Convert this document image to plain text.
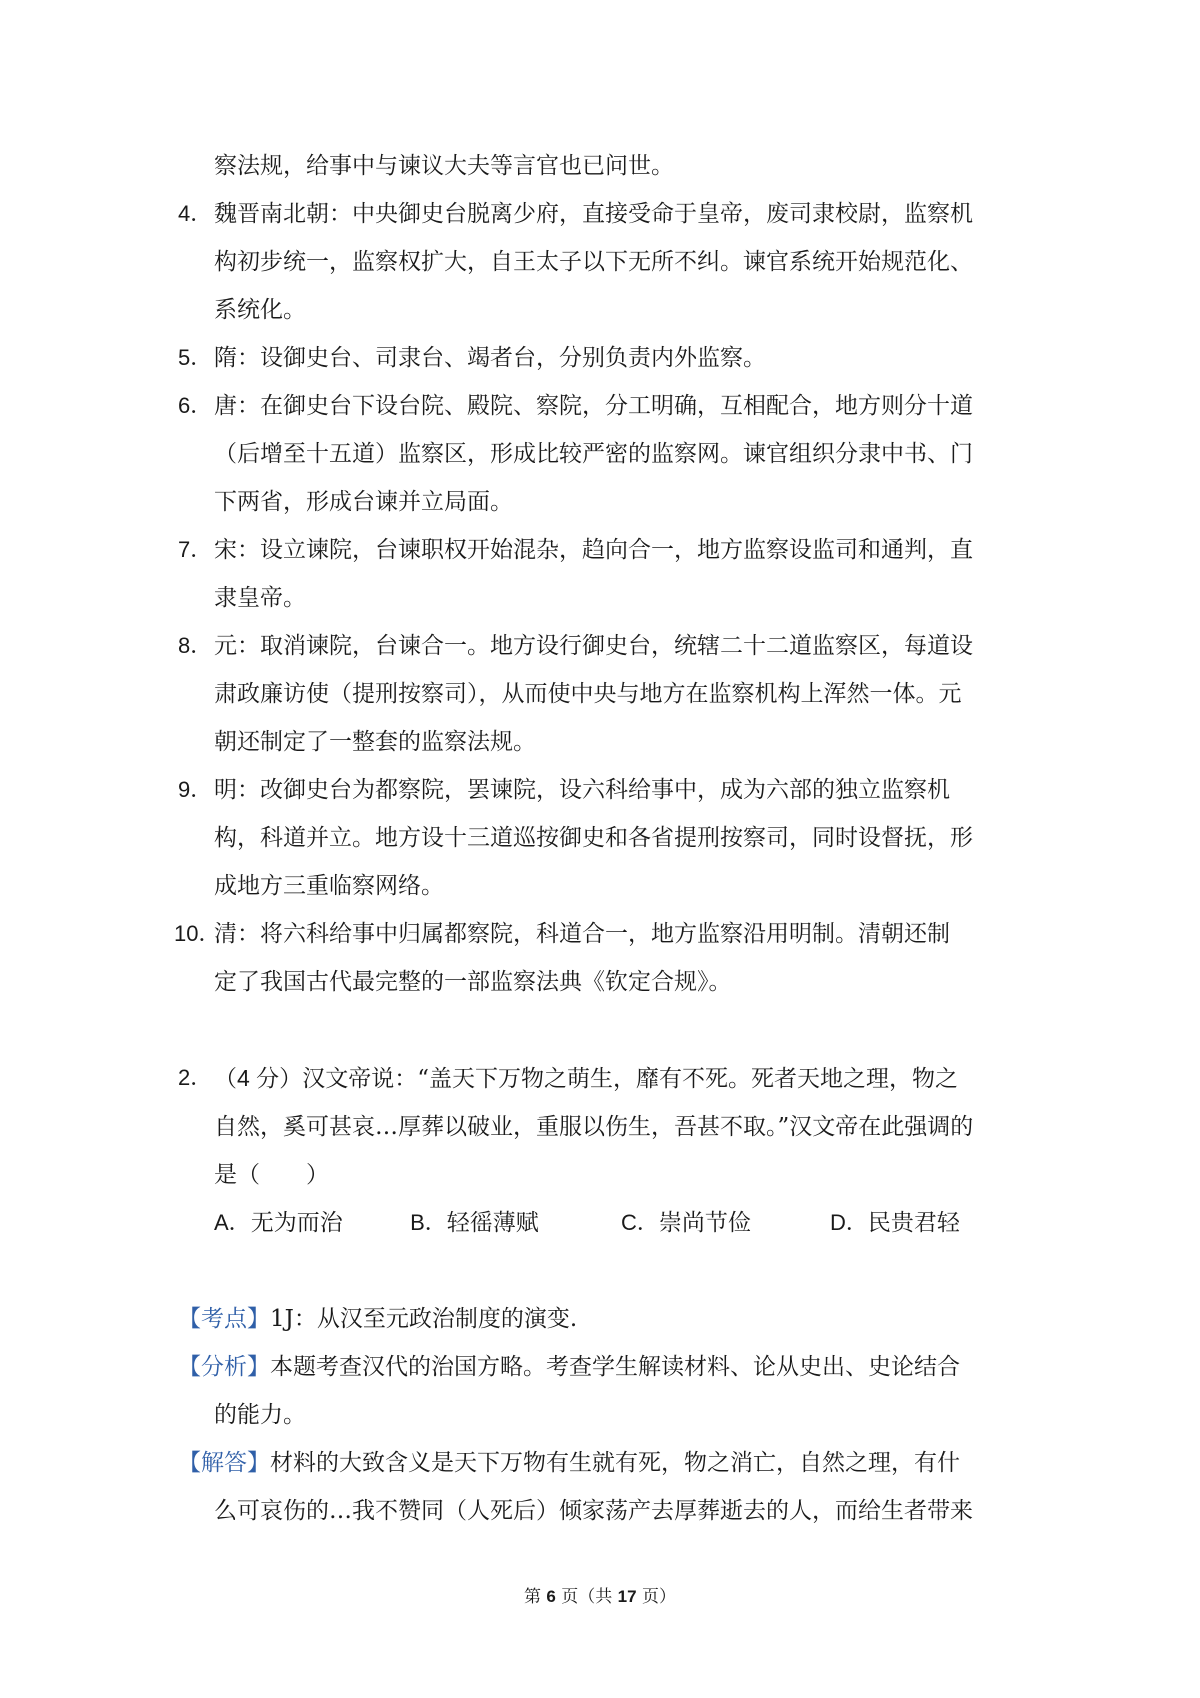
察法规，给事中与谏议大夫等言官也已问世。
4． 魏晋南北朝：中央御史台脱离少府，直接受命于皇帝，废司隶校尉，监察机
构初步统一，监察权扩大，自王太子以下无所不纠。谏官系统开始规范化、
系统化。
5． 隋：设御史台、司隶台、竭者台，分别负责内外监察。
6． 唐：在御史台下设台院、殿院、察院，分工明确，互相配合，地方则分十道
（后增至十五道）监察区，形成比较严密的监察网。谏官组织分隶中书、门
下两省，形成台谏并立局面。
7． 宋：设立谏院，台谏职权开始混杂，趋向合一，地方监察设监司和通判，直
隶皇帝。
8． 元：取消谏院，台谏合一。地方设行御史台，统辖二十二道监察区，每道设
肃政廉访使（提刑按察司），从而使中央与地方在监察机构上浑然一体。元
朝还制定了一整套的监察法规。
9． 明：改御史台为都察院，罢谏院，设六科给事中，成为六部的独立监察机
构，科道并立。地方设十三道巡按御史和各省提刑按察司，同时设督抚，形
成地方三重临察网络。
10．
清：将六科给事中归属都察院，科道合一，地方监察沿用明制。清朝还制
定了我国古代最完整的一部监察法典《钦定合规》。
2． （4 分）汉文帝说：“盖天下万物之萌生，靡有不死。死者天地之理，物之
自然，奚可甚哀…厚葬以破业，重服以伤生，吾甚不取。”汉文帝在此强调的
是（　　）
A．无为而治	B．轻徭薄赋	C．崇尚节俭	D．民贵君轻
【考点】1J：从汉至元政治制度的演变.
【分析】本题考查汉代的治国方略。考查学生解读材料、论从史出、史论结合
的能力。
【解答】材料的大致含义是天下万物有生就有死，物之消亡，自然之理，有什
么可哀伤的…我不赞同（人死后）倾家荡产去厚葬逝去的人，而给生者带来
第 6 页（共 17 页）
